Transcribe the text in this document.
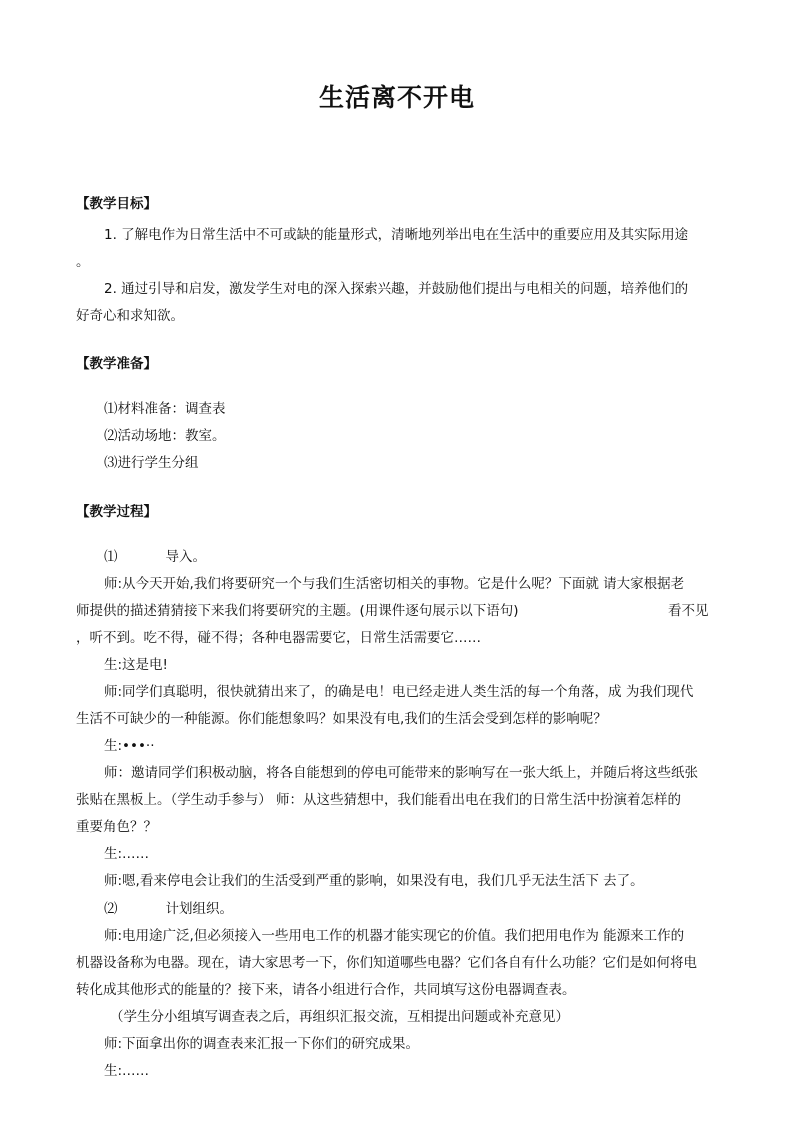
生活离不开电
【教学目标】
1. 了解电作为日常生活中不可或缺的能量形式，清晰地列举出电在生活中的重要应用及其实际用途
。
2. 通过引导和启发，激发学生对电的深入探索兴趣，并鼓励他们提出与电相关的问题，培养他们的
好奇心和求知欲。
【教学准备】
⑴材料准备：调查表
⑵活动场地：教室。
⑶进行学生分组
【教学过程】
⑴	导入。
师:从今天开始,我们将要研究一个与我们生活密切相关的事物。它是什么呢？下面就 请大家根据老
师提供的描述猜猜接下来我们将要研究的主题。(用课件逐句展示以下语句)	看不见
，听不到。吃不得，碰不得；各种电器需要它，日常生活需要它……
生:这是电!
师:同学们真聪明，很快就猜出来了，的确是电！电已经走进人类生活的每一个角落，成 为我们现代
生活不可缺少的一种能源。你们能想象吗？如果没有电,我们的生活会受到怎样的影响呢？
生:•••··
师：邀请同学们积极动脑，将各自能想到的停电可能带来的影响写在一张大纸上，并随后将这些纸张
张贴在黑板上。（学生动手参与） 师：从这些猜想中，我们能看出电在我们的日常生活中扮演着怎样的
重要角色？？
生:……
师:嗯,看来停电会让我们的生活受到严重的影响，如果没有电，我们几乎无法生活下 去了。
⑵	计划组织。
师:电用途广泛,但必须接入一些用电工作的机器才能实现它的价值。我们把用电作为 能源来工作的
机器设备称为电器。现在，请大家思考一下，你们知道哪些电器？它们各自有什么功能？它们是如何将电
转化成其他形式的能量的？接下来，请各小组进行合作，共同填写这份电器调查表。
（学生分小组填写调查表之后，再组织汇报交流，互相提出问题或补充意见）
师:下面拿出你的调查表来汇报一下你们的研究成果。
生:……
